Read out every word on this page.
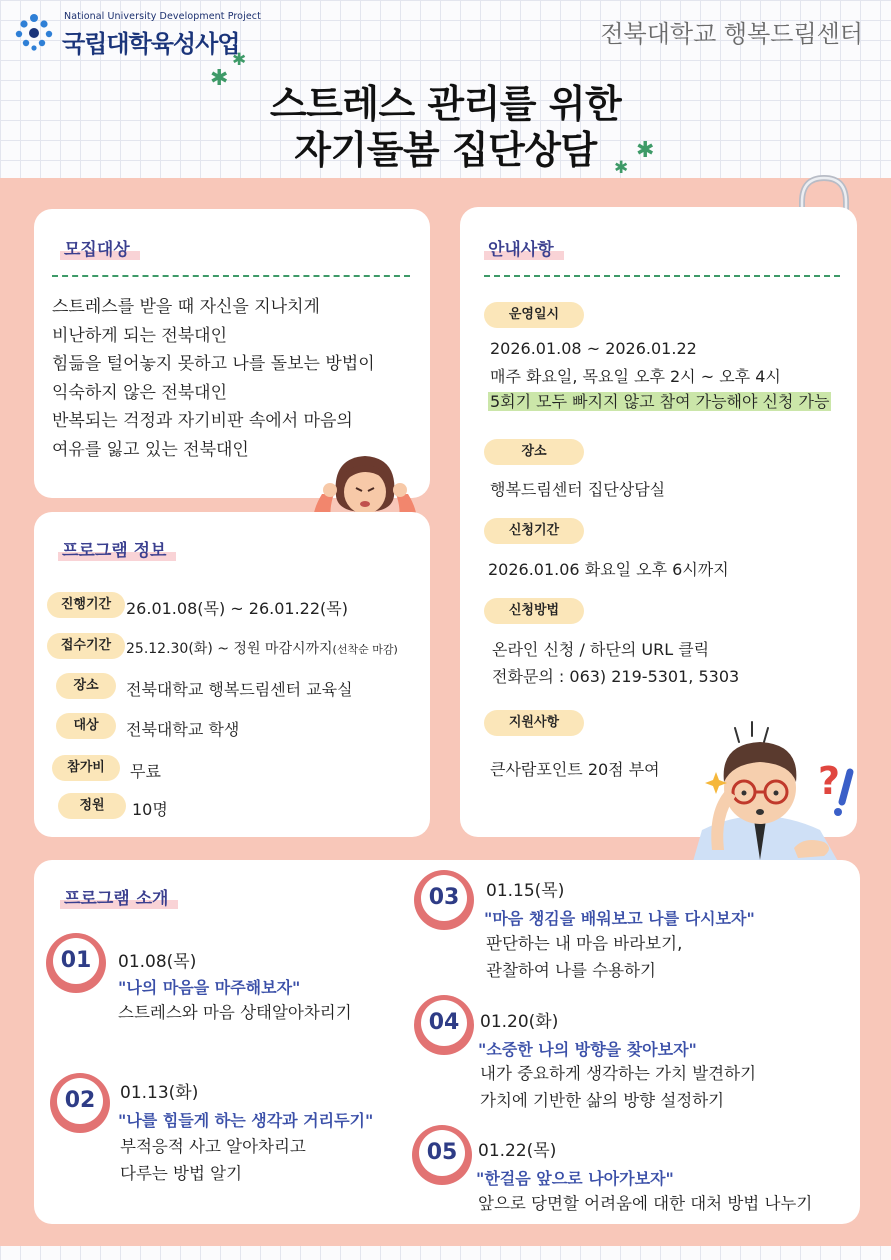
National University Development Project
국립대학육성사업	전북대학교 행복드림센터
✱
✱
✱
✱
스트레스 관리를 위한
자기돌봄 집단상담
모집대상
스트레스를 받을 때 자신을 지나치게
비난하게 되는 전북대인
힘듦을 털어놓지 못하고 나를 돌보는 방법이
익숙하지 않은 전북대인
반복되는 걱정과 자기비판 속에서 마음의
여유를 잃고 있는 전북대인
프로그램 정보
진행기간 26.01.08(목) ~ 26.01.22(목)
접수기간	25.12.30(화) ~ 정원 마감시까지(선착순 마감)
장소	전북대학교 행복드림센터 교육실
대상	전북대학교 학생
참가비	무료
정원	10명
안내사항
운영일시
2026.01.08 ~ 2026.01.22
매주 화요일, 목요일 오후 2시 ~ 오후 4시
5회기 모두 빠지지 않고 참여 가능해야 신청 가능
장소
행복드림센터 집단상담실
신청기간
2026.01.06 화요일 오후 6시까지
신청방법
온라인 신청 / 하단의 URL 클릭
전화문의 : 063) 219-5301, 5303
지원사항
큰사람포인트 20점 부여	?
프로그램 소개
01	01.08(목)
"나의 마음을 마주해보자"
스트레스와 마음 상태알아차리기
02	01.13(화)
"나를 힘들게 하는 생각과 거리두기"
부적응적 사고 알아차리고
다루는 방법 알기
03	01.15(목)
"마음 챙김을 배워보고 나를 다시보자"
판단하는 내 마음 바라보기,
관찰하여 나를 수용하기
04	01.20(화)
"소중한 나의 방향을 찾아보자"
내가 중요하게 생각하는 가치 발견하기
가치에 기반한 삶의 방향 설정하기
05	01.22(목)
"한걸음 앞으로 나아가보자"
앞으로 당면할 어려움에 대한 대처 방법 나누기
